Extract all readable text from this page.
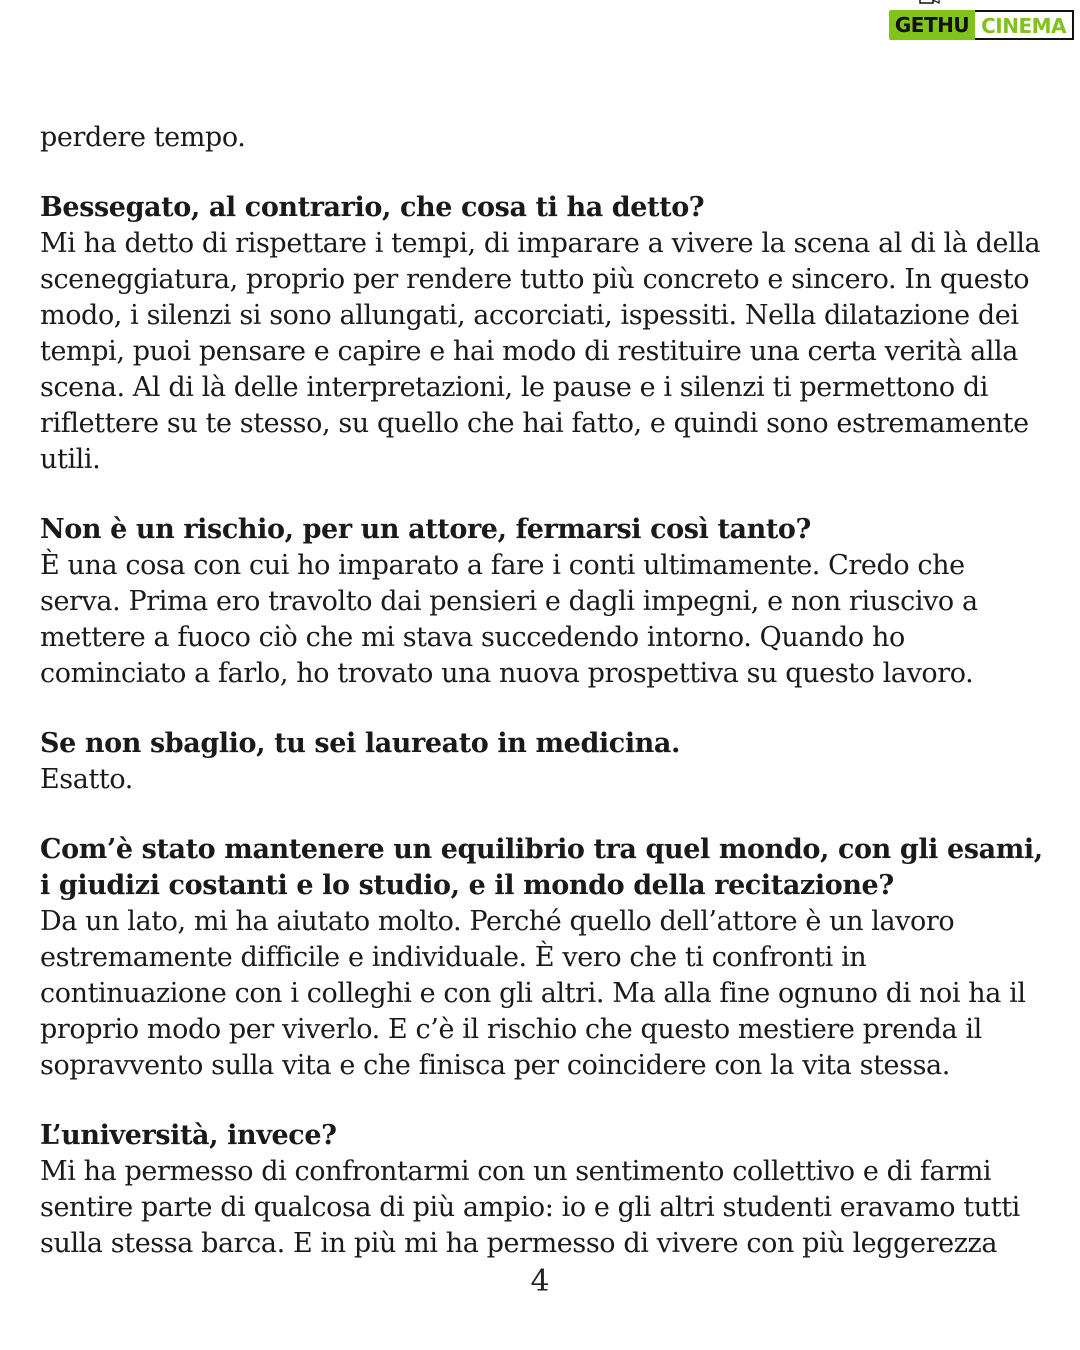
GETHU CINEMA

perdere tempo.

Bessegato, al contrario, che cosa ti ha detto?

Mi ha detto di rispettare i tempi, di imparare a vivere la scena al di là della sceneggiatura, proprio per rendere tutto più concreto e sincero. In questo modo, i silenzi si sono allungati, accorciati, ispessiti. Nella dilatazione dei tempi, puoi pensare e capire e hai modo di restituire una certa verità alla scena. Al di là delle interpretazioni, le pause e i silenzi ti permettono di riflettere su te stesso, su quello che hai fatto, e quindi sono estremamente utili.

Non è un rischio, per un attore, fermarsi così tanto?

È una cosa con cui ho imparato a fare i conti ultimamente. Credo che serva. Prima ero travolto dai pensieri e dagli impegni, e non riuscivo a mettere a fuoco ciò che mi stava succedendo intorno. Quando ho cominciato a farlo, ho trovato una nuova prospettiva su questo lavoro.

Se non sbaglio, tu sei laureato in medicina.

Esatto.

Com’è stato mantenere un equilibrio tra quel mondo, con gli esami, i giudizi costanti e lo studio, e il mondo della recitazione?

Da un lato, mi ha aiutato molto. Perché quello dell’attore è un lavoro estremamente difficile e individuale. È vero che ti confronti in continuazione con i colleghi e con gli altri. Ma alla fine ognuno di noi ha il proprio modo per viverlo. E c’è il rischio che questo mestiere prenda il sopravvento sulla vita e che finisca per coincidere con la vita stessa.

L’università, invece?

Mi ha permesso di confrontarmi con un sentimento collettivo e di farmi sentire parte di qualcosa di più ampio: io e gli altri studenti eravamo tutti sulla stessa barca. E in più mi ha permesso di vivere con più leggerezza

4
